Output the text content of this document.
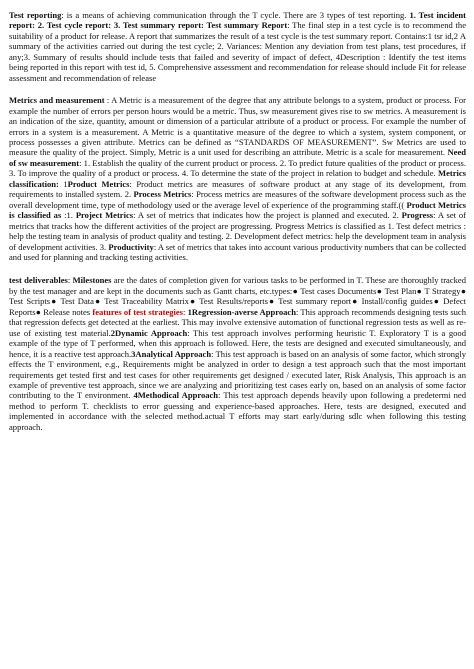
Test reporting: is a means of achieving communication through the T cycle. There are 3 types of test reporting. 1. Test incident report: 2. Test cycle report: 3. Test summary report: Test summary Report: The final step in a test cycle is to recommend the suitability of a product for release. A report that summarizes the result of a test cycle is the test summary report. Contains:1 tsr id,2 A summary of the activities carried out during the test cycle; 2. Variances: Mention any deviation from test plans, test procedures, if any;3. Summary of results should include tests that failed and severity of impact of defect, 4Description : Identify the test items being reported in this report with test id, 5. Comprehensive assessment and recommendation for release should include Fit for release assessment and recommendation of release

Metrics and measurement : A Metric is a measurement of the degree that any attribute belongs to a system, product or process. For example the number of errors per person hours would be a metric. Thus, sw measurement gives rise to sw metrics. A measurement is an indication of the size, quantity, amount or dimension of a particular attribute of a product or process. For example the number of errors in a system is a measurement. A Metric is a quantitative measure of the degree to which a system, system component, or process possesses a given attribute. Metrics can be defined as “STANDARDS OF MEASUREMENT”. Sw Metrics are used to measure the quality of the project. Simply, Metric is a unit used for describing an attribute. Metric is a scale for measurement. Need of sw measurement: 1. Establish the quality of the current product or process. 2. To predict future qualities of the product or process. 3. To improve the quality of a product or process. 4. To determine the state of the project in relation to budget and schedule. Metrics classification: 1Product Metrics: Product metrics are measures of software product at any stage of its development, from requirements to installed system. 2. Process Metrics: Process metrics are measures of the software development process such as the overall development time, type of methodology used or the average level of experience of the programming staff.(( Product Metrics is classified as :1. Project Metrics: A set of metrics that indicates how the project is planned and executed. 2. Progress: A set of metrics that tracks how the different activities of the project are progressing. Progress Metrics is classified as 1. Test defect metrics : help the testing team in analysis of product quality and testing. 2. Development defect metrics: help the development team in analysis of development activities. 3. Productivity: A set of metrics that takes into account various productivity numbers that can be collected and used for planning and tracking testing activities.

test deliverables: Milestones are the dates of completion given for various tasks to be performed in T. These are thoroughly tracked by the test manager and are kept in the documents such as Gantt charts, etc.types:● Test cases Documents● Test Plan● T Strategy● Test Scripts● Test Data● Test Traceability Matrix● Test Results/reports● Test summary report● Install/config guides● Defect Reports● Release notes features of test strategies: 1Regression-averse Approach: This approach recommends designing tests such that regression defects get detected at the earliest. This may involve extensive automation of functional regression tests as well as re-use of existing test material.2Dynamic Approach: This test approach involves performing heuristic T. Exploratory T is a good example of the type of T performed, when this approach is followed. Here, the tests are designed and executed simultaneously, and hence, it is a reactive test approach.3Analytical Approach: This test approach is based on an analysis of some factor, which strongly effects the T environment, e.g., Requirements might be analyzed in order to design a test approach such that the most important requirements get tested first and test cases for other requirements get designed / executed later, Risk Analysis, This approach is an example of preventive test approach, since we are analyzing and prioritizing test cases early on, based on an analysis of some factor contributing to the T environment. 4Methodical Approach: This test approach depends heavily upon following a predetermi ned method to perform T. checklists to error guessing and experience-based approaches. Here, tests are designed, executed and implemented in accordance with the selected method.actual T efforts may start early/during sdlc when following this testing approach.
